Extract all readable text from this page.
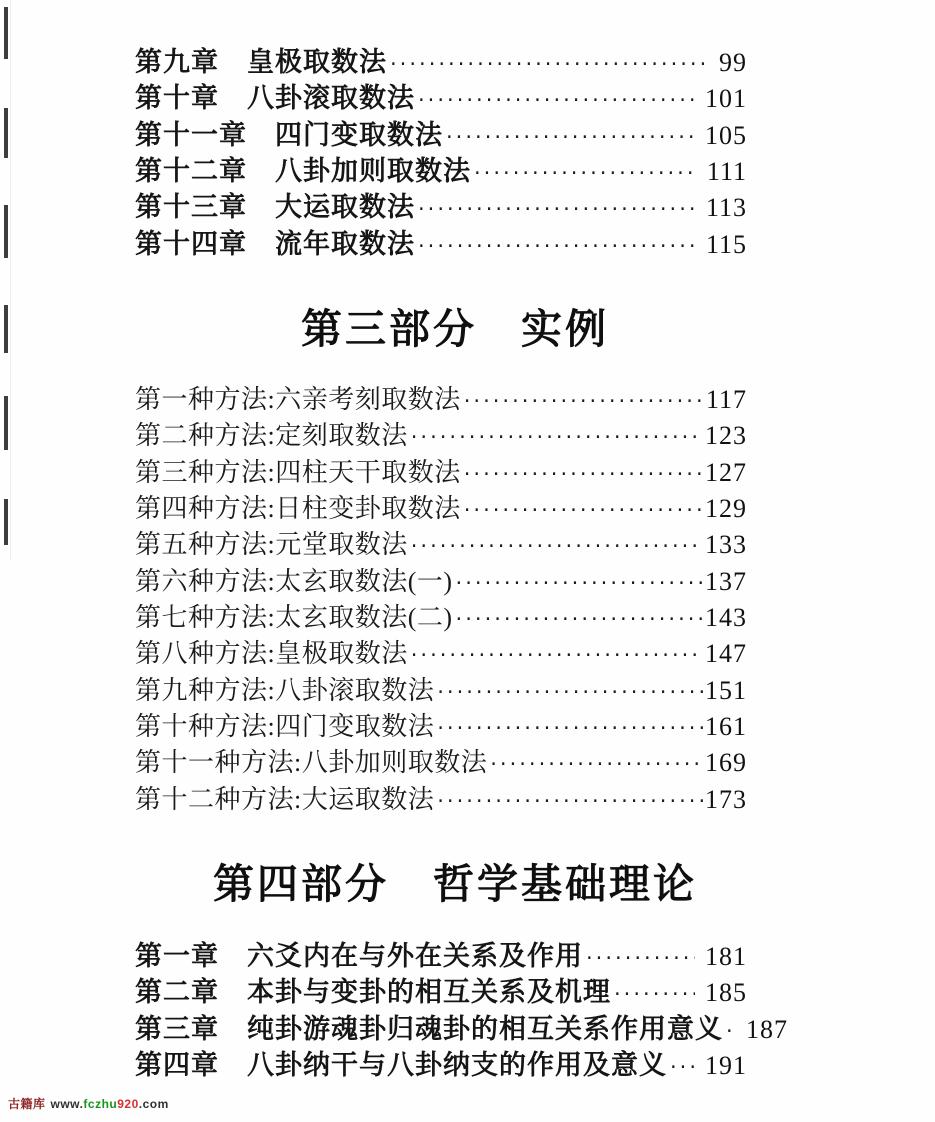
第九章 皇极取数法 ·····	99
第十章 八卦滚取数法 ·····	101
第十一章 四门变取数法 ·····	105
第十二章 八卦加则取数法 ·····	111
第十三章 大运取数法 ·····	113
第十四章 流年取数法 ·····	115
第三部分　实例
第一种方法:六亲考刻取数法 ·····	117
第二种方法:定刻取数法 ·····	123
第三种方法:四柱天干取数法 ·····	127
第四种方法:日柱变卦取数法 ·····	129
第五种方法:元堂取数法 ·····	133
第六种方法:太玄取数法(一) ·····	137
第七种方法:太玄取数法(二) ·····	143
第八种方法:皇极取数法 ·····	147
第九种方法:八卦滚取数法 ·····	151
第十种方法:四门变取数法 ·····	161
第十一种方法:八卦加则取数法 ·····	169
第十二种方法:大运取数法 ·····	173
第四部分　哲学基础理论
第一章 六爻内在与外在关系及作用 ·····	181
第二章 本卦与变卦的相互关系及机理 ·····	185
第三章 纯卦游魂卦归魂卦的相互关系作用意义 ····· 187
第四章 八卦纳干与八卦纳支的作用及意义 ····· 191
古籍库 www.fczhu920.com
